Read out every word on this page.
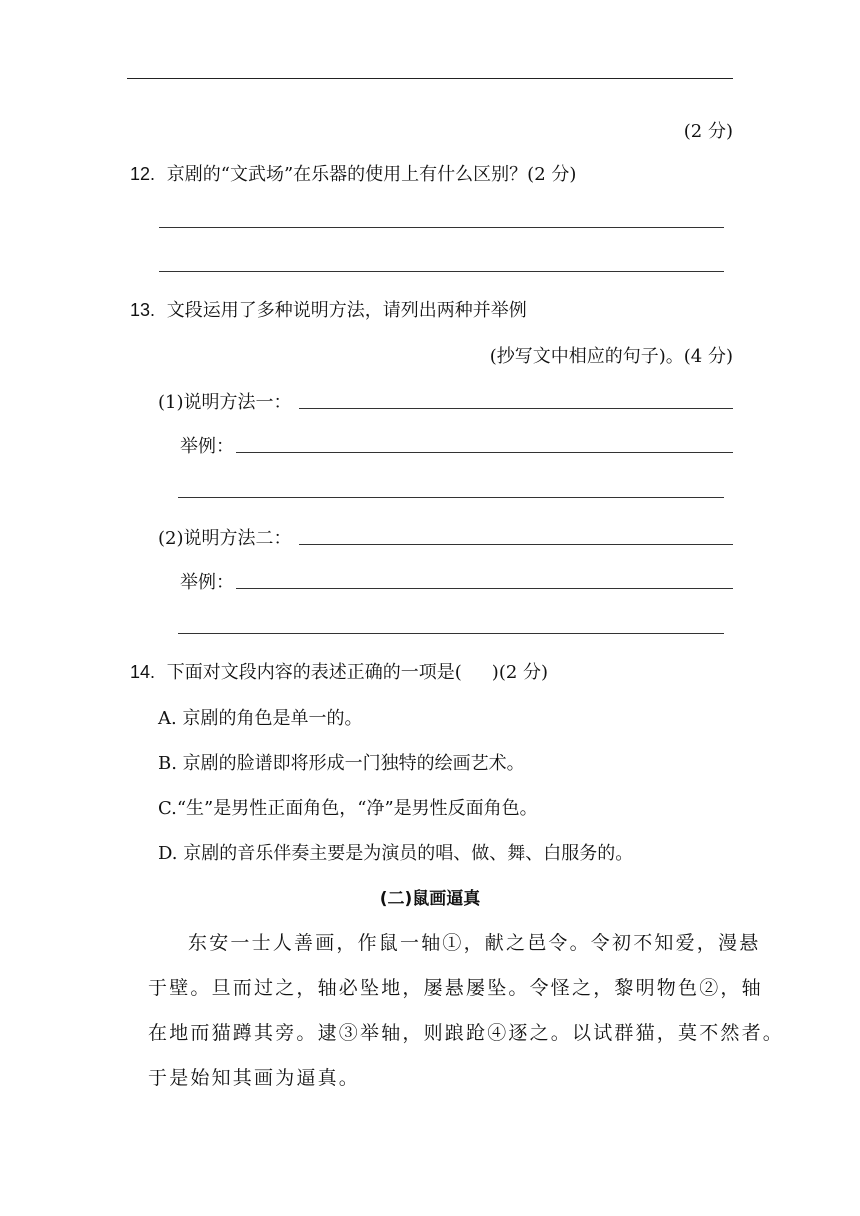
(2 分)
12. 京剧的“文武场”在乐器的使用上有什么区别？(2 分)
13. 文段运用了多种说明方法，请列出两种并举例
(抄写文中相应的句子)。(4 分)
(1)说明方法一：
举例：
(2)说明方法二：
举例：
14. 下面对文段内容的表述正确的一项是( )(2 分)
A. 京剧的角色是单一的。
B. 京剧的脸谱即将形成一门独特的绘画艺术。
C.“生”是男性正面角色，“净”是男性反面角色。
D. 京剧的音乐伴奏主要是为演员的唱、做、舞、白服务的。
(二)鼠画逼真
东安一士人善画，作鼠一轴①，献之邑令。令初不知爱，漫悬
于壁。旦而过之，轴必坠地，屡悬屡坠。令怪之，黎明物色②，轴
在地而猫蹲其旁。逮③举轴，则踉跄④逐之。以试群猫，莫不然者。
于是始知其画为逼真。
